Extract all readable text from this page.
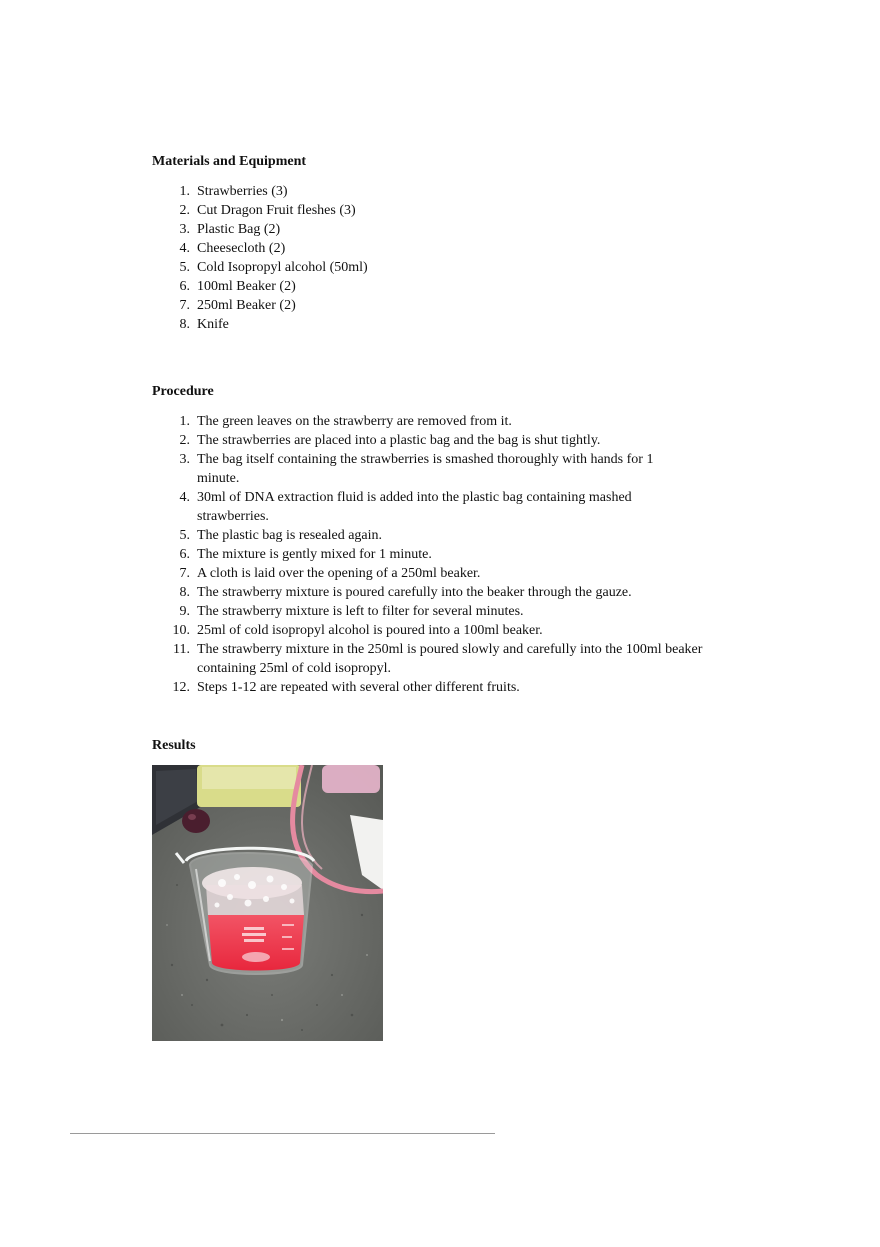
Materials and Equipment
1. Strawberries (3)
2. Cut Dragon Fruit fleshes (3)
3. Plastic Bag (2)
4. Cheesecloth (2)
5. Cold Isopropyl alcohol (50ml)
6. 100ml Beaker (2)
7. 250ml Beaker (2)
8. Knife
Procedure
1. The green leaves on the strawberry are removed from it.
2. The strawberries are placed into a plastic bag and the bag is shut tightly.
3. The bag itself containing the strawberries is smashed thoroughly with hands for 1 minute.
4. 30ml of DNA extraction fluid is added into the plastic bag containing mashed strawberries.
5. The plastic bag is resealed again.
6. The mixture is gently mixed for 1 minute.
7. A cloth is laid over the opening of a 250ml beaker.
8. The strawberry mixture is poured carefully into the beaker through the gauze.
9. The strawberry mixture is left to filter for several minutes.
10. 25ml of cold isopropyl alcohol is poured into a 100ml beaker.
11. The strawberry mixture in the 250ml is poured slowly and carefully into the 100ml beaker containing 25ml of cold isopropyl.
12. Steps 1-12 are repeated with several other different fruits.
Results
